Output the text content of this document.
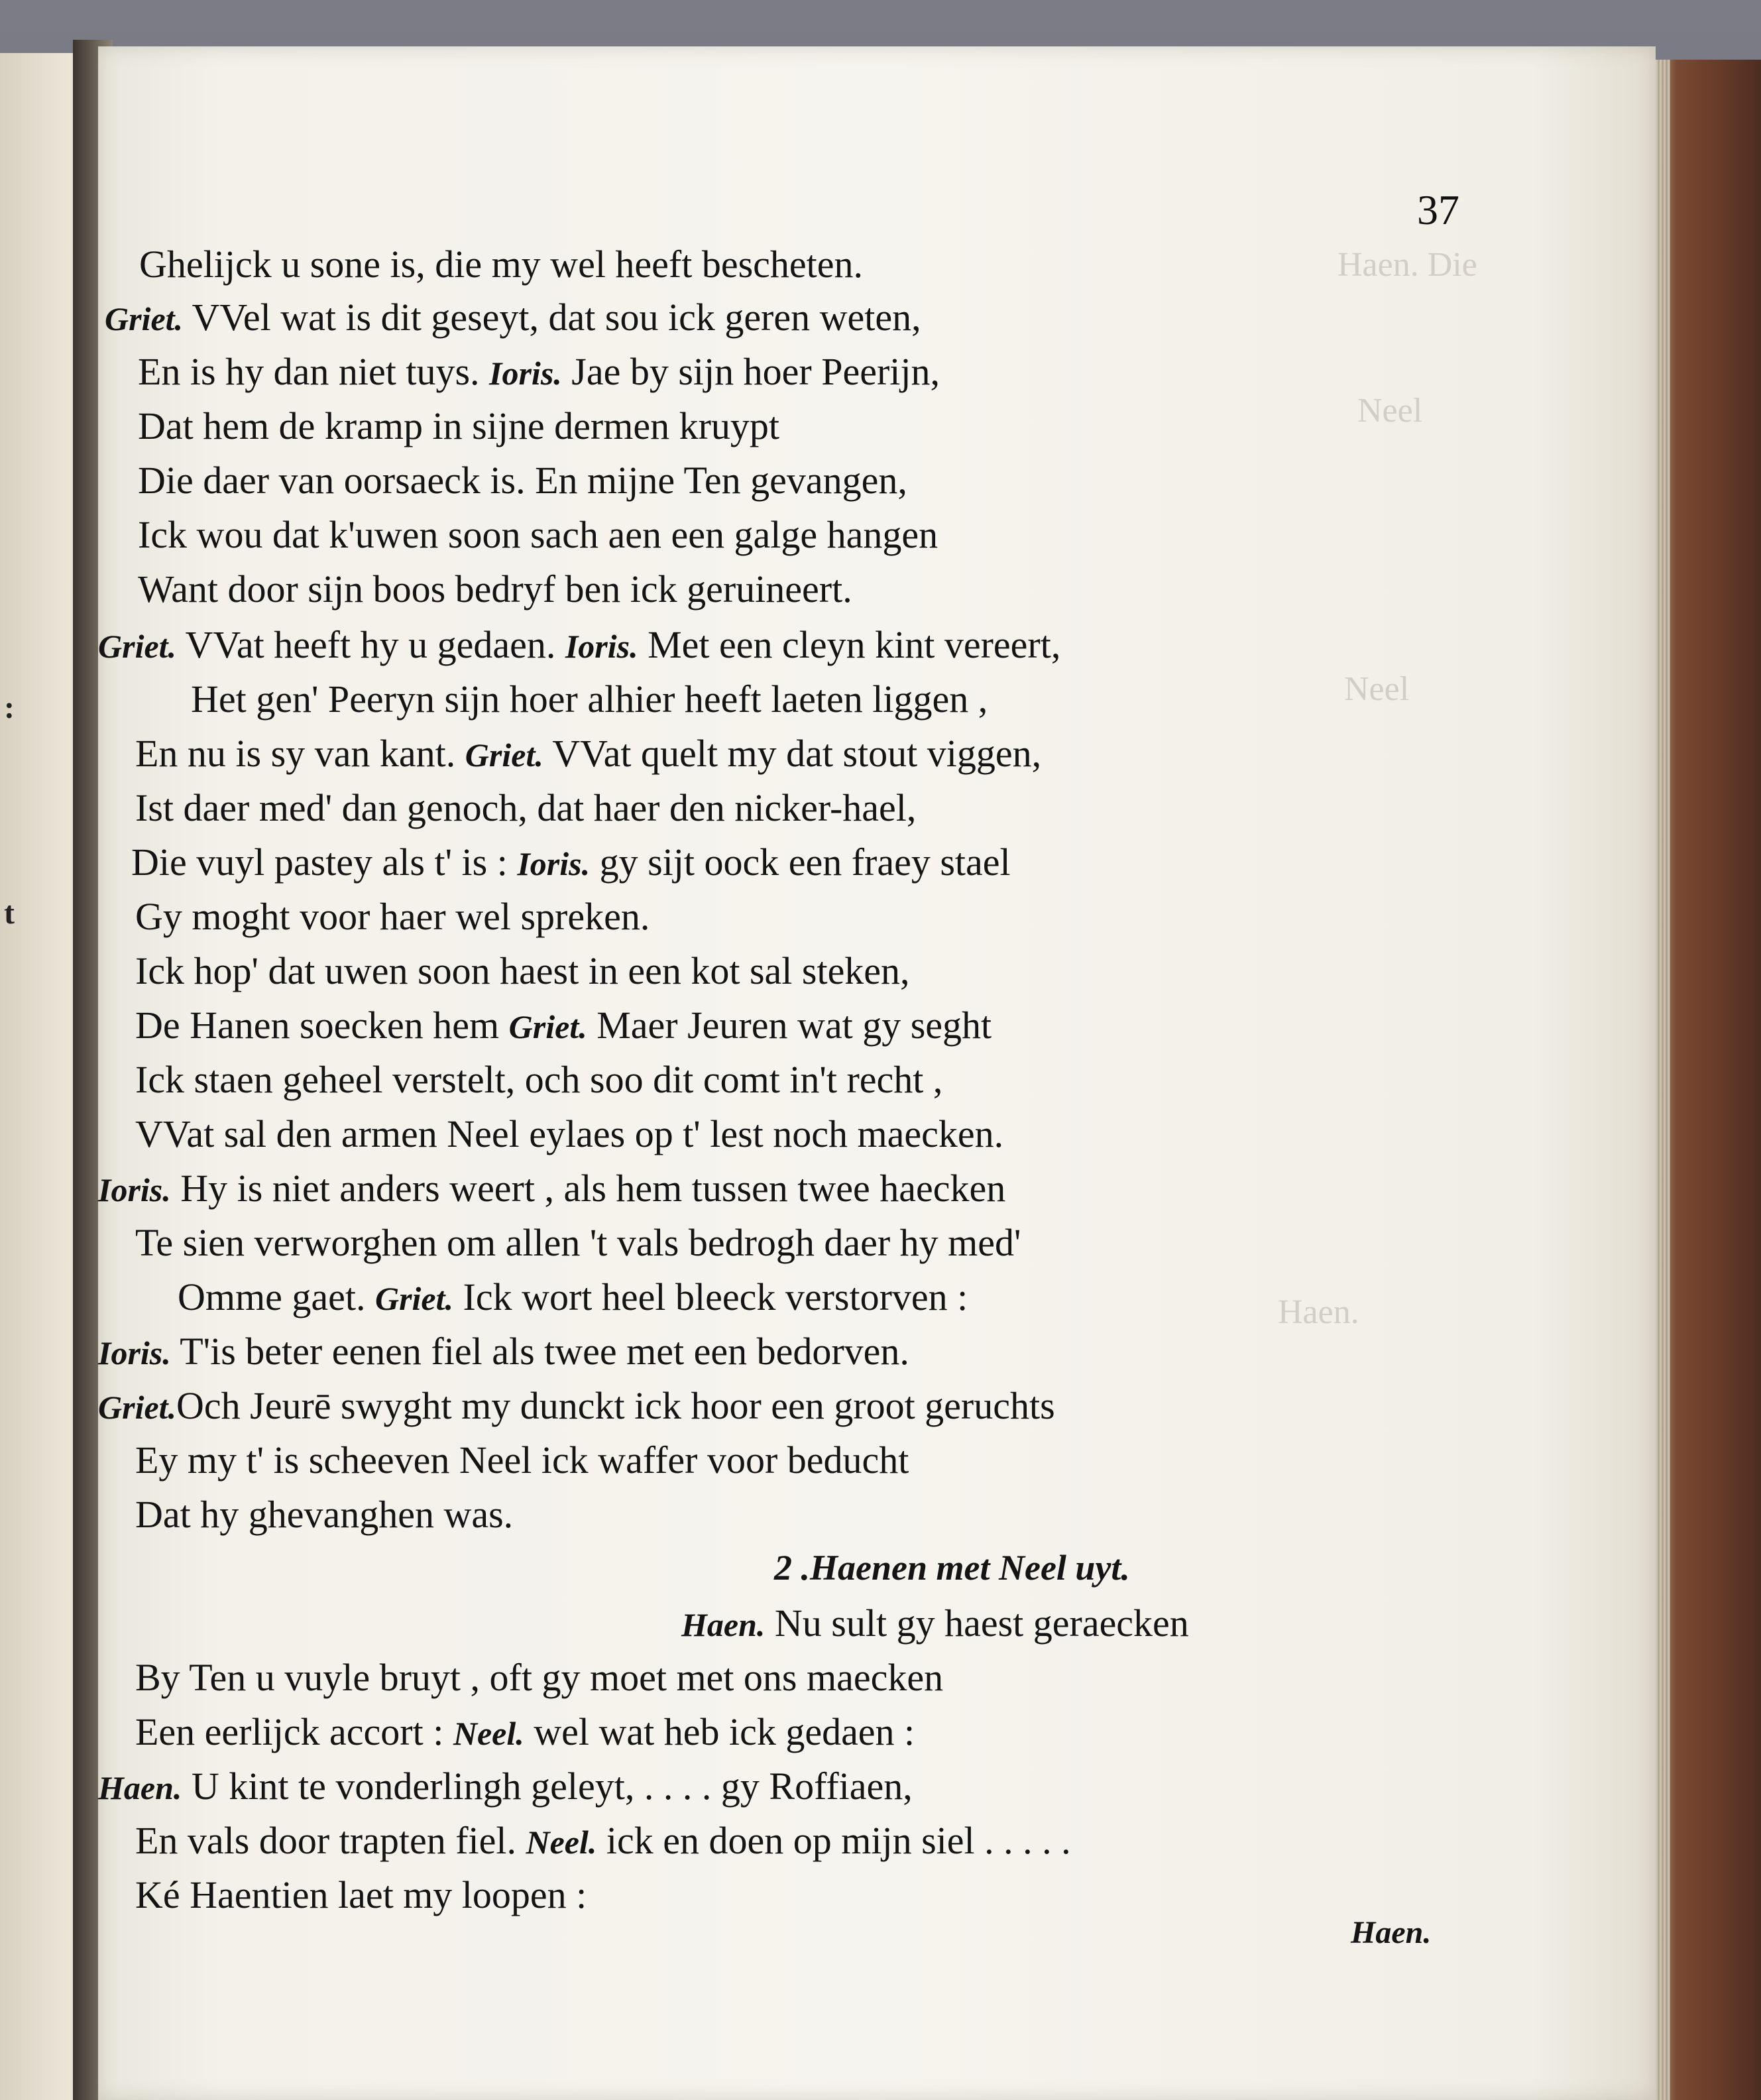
:
t
Haen. Die
Neel
Neel
Haen.
37
Ghelijck u sone is, die my wel heeft bescheten.
Griet. VVel wat is dit geseyt, dat sou ick geren weten,
En is hy dan niet tuys. Ioris. Jae by sijn hoer Peerijn,
Dat hem de kramp in sijne dermen kruypt
Die daer van oorsaeck is. En mijne Ten gevangen,
Ick wou dat k'uwen soon sach aen een galge hangen
Want door sijn boos bedryf ben ick geruineert.
Griet. VVat heeft hy u gedaen. Ioris. Met een cleyn kint vereert,
Het gen' Peeryn sijn hoer alhier heeft laeten liggen ,
En nu is sy van kant. Griet. VVat quelt my dat stout viggen,
Ist daer med' dan genoch, dat haer den nicker-hael,
Die vuyl pastey als t' is : Ioris. gy sijt oock een fraey stael
Gy moght voor haer wel spreken.
Ick hop' dat uwen soon haest in een kot sal steken,
De Hanen soecken hem Griet. Maer Jeuren wat gy seght
Ick staen geheel verstelt, och soo dit comt in't recht ,
VVat sal den armen Neel eylaes op t' lest noch maecken.
Ioris. Hy is niet anders weert , als hem tussen twee haecken
Te sien verworghen om allen 't vals bedrogh daer hy med'
Omme gaet. Griet. Ick wort heel bleeck verstorven :
Ioris. T'is beter eenen fiel als twee met een bedorven.
Griet.Och Jeurē swyght my dunckt ick hoor een groot geruchts
Ey my t' is scheeven Neel ick waffer voor beducht
Dat hy ghevanghen was.
2 .Haenen met Neel uyt.
Haen. Nu sult gy haest geraecken
By Ten u vuyle bruyt , oft gy moet met ons maecken
Een eerlijck accort : Neel. wel wat heb ick gedaen :
Haen. U kint te vonderlingh geleyt, . . . . gy Roffiaen,
En vals door trapten fiel. Neel. ick en doen op mijn siel . . . . .
Ké Haentien laet my loopen :
Haen.
